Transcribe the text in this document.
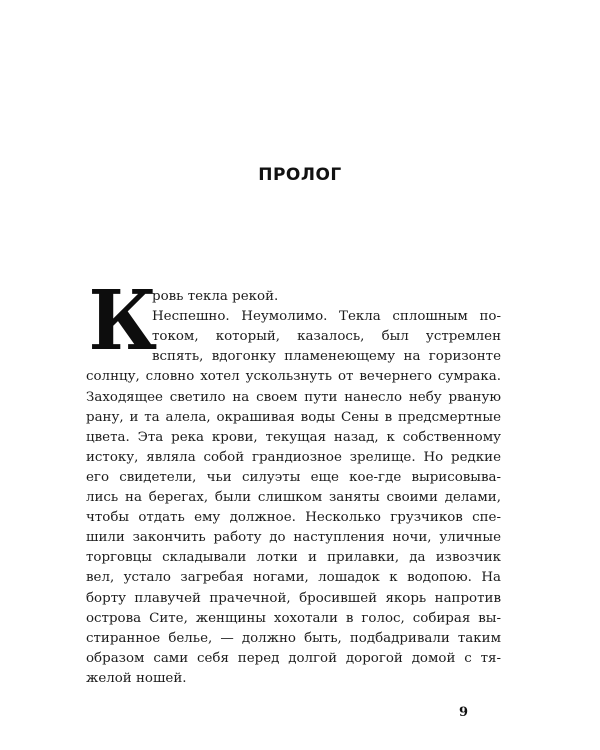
ПРОЛОГ
К
ровь текла рекой.
Неспешно. Неумолимо. Текла сплошным по-
током, который, казалось, был устремлен
вспять, вдогонку пламенеющему на горизонте
солнцу, словно хотел ускользнуть от вечернего сумрака.
Заходящее светило на своем пути нанесло небу рваную
рану, и та алела, окрашивая воды Сены в предсмертные
цвета. Эта река крови, текущая назад, к собственному
истоку, являла собой грандиозное зрелище. Но редкие
его свидетели, чьи силуэты еще кое-где вырисовыва-
лись на берегах, были слишком заняты своими делами,
чтобы отдать ему должное. Несколько грузчиков спе-
шили закончить работу до наступления ночи, уличные
торговцы складывали лотки и прилавки, да извозчик
вел, устало загребая ногами, лошадок к водопою. На
борту плавучей прачечной, бросившей якорь напротив
острова Сите, женщины хохотали в голос, собирая вы-
стиранное белье, — должно быть, подбадривали таким
образом сами себя перед долгой дорогой домой с тя-
желой ношей.
9
